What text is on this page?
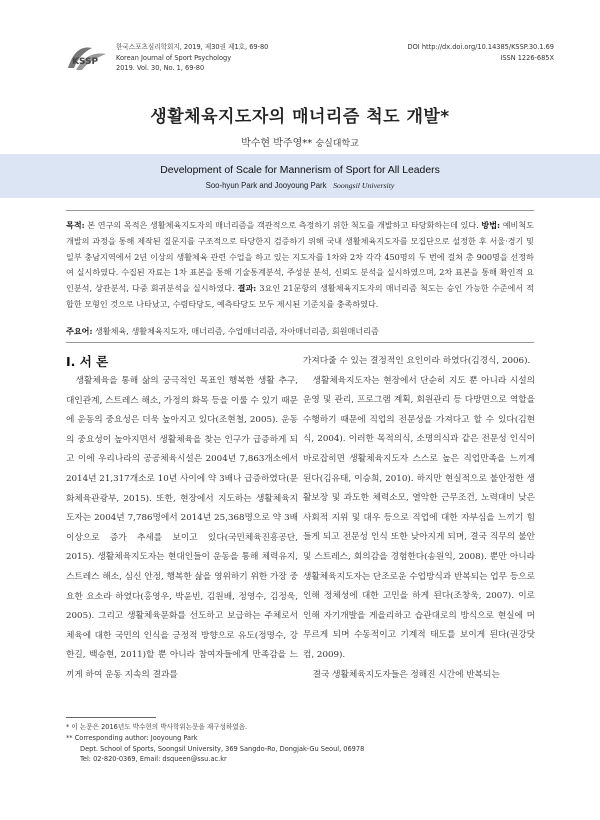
KSSP
한국스포츠심리학회지, 2019, 제30권 제1호, 69-80
Korean Journal of Sport Psychology
2019. Vol. 30, No. 1, 69-80
DOI http://dx.doi.org/10.14385/KSSP.30.1.69
ISSN 1226-685X
생활체육지도자의 매너리즘 척도 개발*
박수현 박주영** 숭실대학교
Development of Scale for Mannerism of Sport for All Leaders
Soo-hyun Park and Jooyoung Park Soongsil University
목적: 본 연구의 목적은 생활체육지도자의 매너리즘을 객관적으로 측정하기 위한 척도를 개발하고 타당화하는데 있다. 방법: 예비척도 개발의 과정을 통해 제작된 질문지를 구조적으로 타당한지 검증하기 위해 국내 생활체육지도자를 모집단으로 설정한 후 서울·경기 및 일부 충남지역에서 2년 이상의 생활체육 관련 수업을 하고 있는 지도자를 1차와 2차 각각 450명의 두 번에 걸쳐 총 900명을 선정하여 실시하였다. 수집된 자료는 1차 표본을 통해 기술통계분석, 주성분 분석, 신뢰도 분석을 실시하였으며, 2차 표본을 통해 확인적 요인분석, 상관분석, 다중 회귀분석을 실시하였다. 결과: 3요인 21문항의 생활체육지도자의 매너리즘 척도는 승인 가능한 수준에서 적합한 모형인 것으로 나타났고, 수렴타당도, 예측타당도 모두 제시된 기준치를 충족하였다.
주요어: 생활체육, 생활체육지도자, 매너리즘, 수업매너리즘, 자아매너리즘, 회원매너리즘

I. 서 론

생활체육을 통해 삶의 궁극적인 목표인 행복한 생활 추구, 대인관계, 스트레스 해소, 가정의 화목 등을 이룰 수 있기 때문에 운동의 중요성은 더욱 높아지고 있다(조현철, 2005). 운동의 중요성이 높아지면서 생활체육을 찾는 인구가 급증하게 되고 이에 우리나라의 공공체육시설은 2004년 7,863개소에서 2014년 21,317개소로 10년 사이에 약 3배나 급증하였다(문화체육관광부, 2015). 또한, 현장에서 지도하는 생활체육지도자는 2004년 7,786명에서 2014년 25,368명으로 약 3배 이상으로 증가 추세를 보이고 있다(국민체육진흥공단, 2015). 생활체육지도자는 현대인들이 운동을 통해 체력유지, 스트레스 해소, 심신 안정, 행복한 삶을 영위하기 위한 가장 중요한 요소라 하였다(홍영우, 박윤빈, 김원배, 정영수, 김정욱, 2005). 그리고 생활체육문화를 선도하고 보급하는 주체로서 체육에 대한 국민의 인식을 긍정적 방향으로 유도(정명수, 강한길, 백승현, 2011)할 뿐 아니라 참여자들에게 만족감을 느끼게 하여 운동 지속의 결과를

가져다줄 수 있는 결정적인 요인이라 하였다(김경식, 2006).

생활체육지도자는 현장에서 단순히 지도 뿐 아니라 시설의 운영 및 관리, 프로그램 계획, 회원관리 등 다방면으로 역할을 수행하기 때문에 직업의 전문성을 가져다고 할 수 있다(김현식, 2004). 이러한 목적의식, 소명의식과 같은 전문성 인식이 바로잡히면 생활체육지도자 스스로 높은 직업만족을 느끼게 된다(김유태, 이승희, 2010). 하지만 현실적으로 불안정한 생활보장 및 과도한 체력소모, 열악한 근무조건, 노력대비 낮은 사회적 지위 및 대우 등으로 직업에 대한 자부심을 느끼기 힘들게 되고 전문성 인식 또한 낮아지게 되며, 결국 직무의 불안 및 스트레스, 회의감을 경험한다(송원익, 2008). 뿐만 아니라 생활체육지도자는 단조로운 수업방식과 반복되는 업무 등으로 인해 정체성에 대한 고민을 하게 된다(조창욱, 2007). 이로 인해 자기개발을 게을리하고 습관대로의 방식으로 현실에 머무르게 되며 수동적이고 기계적 태도를 보이게 된다(권강닷컴, 2009).

결국 생활체육지도자들은 정해진 시간에 반복되는

* 이 논문은 2016년도 박수현의 박사학위논문을 재구성하였음.

** Corresponding author: Jooyoung Park

Dept. School of Sports, Soongsil University, 369 Sangdo-Ro, Dongjak-Gu Seoul, 06978

Tel: 02-820-0369, Email: dsqueen@ssu.ac.kr
